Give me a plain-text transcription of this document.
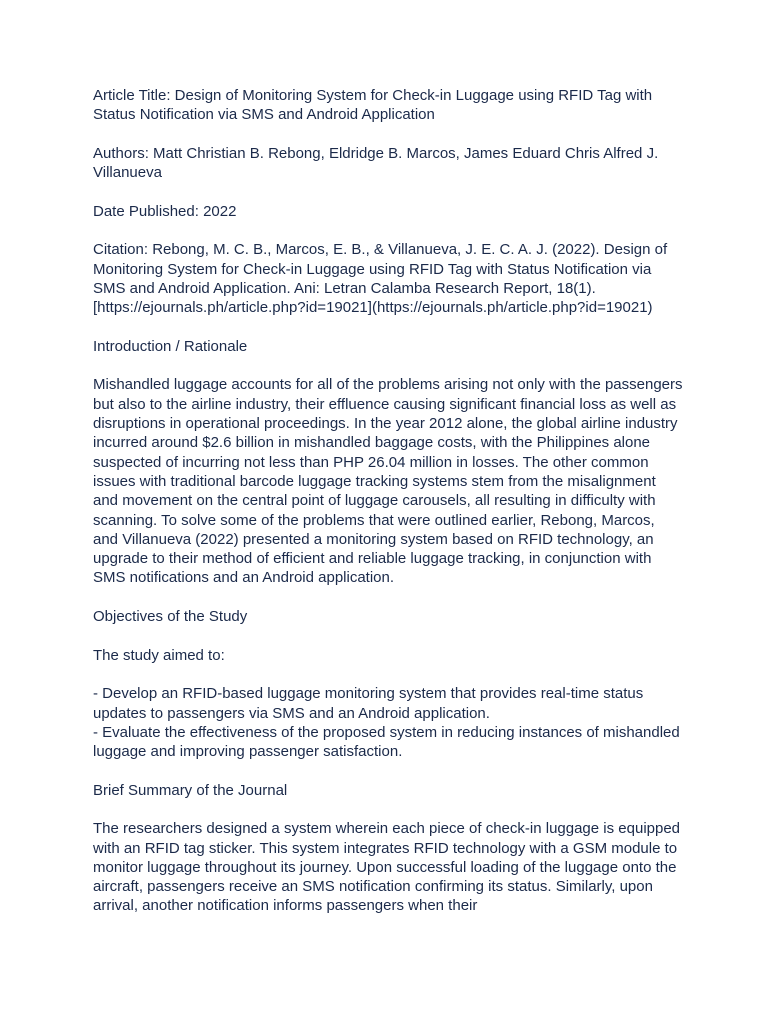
Article Title: Design of Monitoring System for Check-in Luggage using RFID Tag with Status Notification via SMS and Android Application

Authors: Matt Christian B. Rebong, Eldridge B. Marcos, James Eduard Chris Alfred J. Villanueva

Date Published: 2022

Citation: Rebong, M. C. B., Marcos, E. B., & Villanueva, J. E. C. A. J. (2022). Design of Monitoring System for Check-in Luggage using RFID Tag with Status Notification via SMS and Android Application. Ani: Letran Calamba Research Report, 18(1). [https://ejournals.ph/article.php?id=19021](https://ejournals.ph/article.php?id=19021)

Introduction / Rationale

Mishandled luggage accounts for all of the problems arising not only with the passengers but also to the airline industry, their effluence causing significant financial loss as well as disruptions in operational proceedings. In the year 2012 alone, the global airline industry incurred around $2.6 billion in mishandled baggage costs, with the Philippines alone suspected of incurring not less than PHP 26.04 million in losses. The other common issues with traditional barcode luggage tracking systems stem from the misalignment and movement on the central point of luggage carousels, all resulting in difficulty with scanning. To solve some of the problems that were outlined earlier, Rebong, Marcos, and Villanueva (2022) presented a monitoring system based on RFID technology, an upgrade to their method of efficient and reliable luggage tracking, in conjunction with SMS notifications and an Android application.

Objectives of the Study

The study aimed to:

- Develop an RFID-based luggage monitoring system that provides real-time status updates to passengers via SMS and an Android application.
- Evaluate the effectiveness of the proposed system in reducing instances of mishandled luggage and improving passenger satisfaction.

Brief Summary of the Journal

The researchers designed a system wherein each piece of check-in luggage is equipped with an RFID tag sticker. This system integrates RFID technology with a GSM module to monitor luggage throughout its journey. Upon successful loading of the luggage onto the aircraft, passengers receive an SMS notification confirming its status. Similarly, upon arrival, another notification informs passengers when their
